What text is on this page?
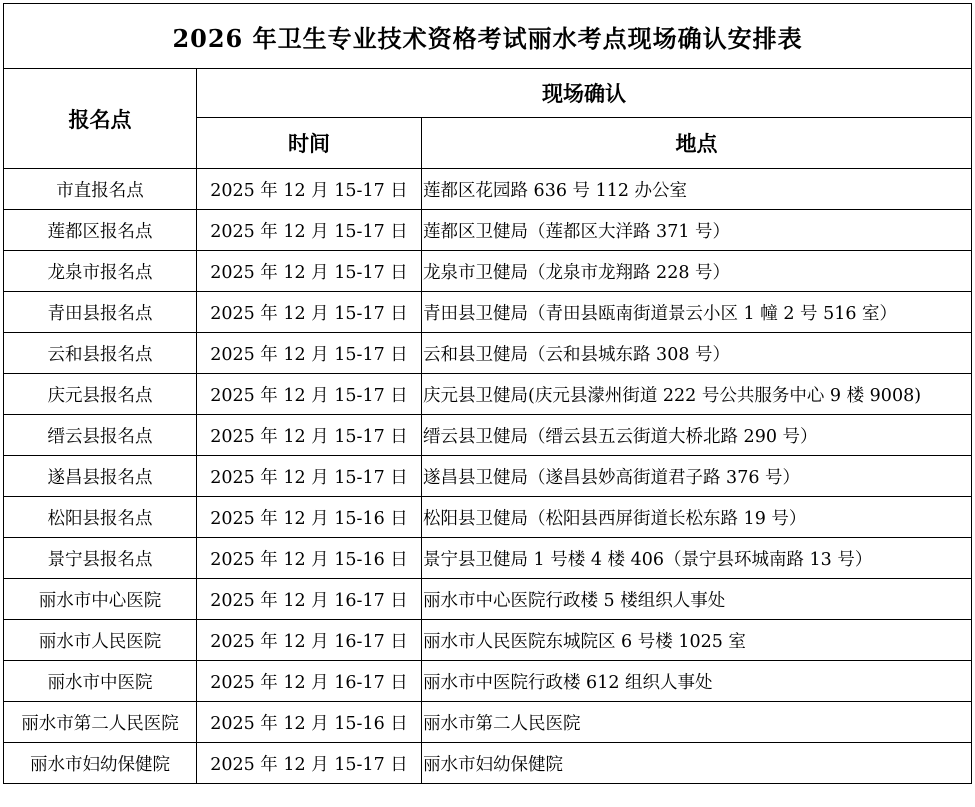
2026 年卫生专业技术资格考试丽水考点现场确认安排表		
报名点	现场确认	
	时间	地点
市直报名点	2025 年 12 月 15-17 日	莲都区花园路 636 号 112 办公室
莲都区报名点	2025 年 12 月 15-17 日	莲都区卫健局（莲都区大洋路 371 号）
龙泉市报名点	2025 年 12 月 15-17 日	龙泉市卫健局（龙泉市龙翔路 228 号）
青田县报名点	2025 年 12 月 15-17 日	青田县卫健局（青田县瓯南街道景云小区 1 幢 2 号 516 室）
云和县报名点	2025 年 12 月 15-17 日	云和县卫健局（云和县城东路 308 号）
庆元县报名点	2025 年 12 月 15-17 日	庆元县卫健局(庆元县濛州街道 222 号公共服务中心 9 楼 9008)
缙云县报名点	2025 年 12 月 15-17 日	缙云县卫健局（缙云县五云街道大桥北路 290 号）
遂昌县报名点	2025 年 12 月 15-17 日	遂昌县卫健局（遂昌县妙高街道君子路 376 号）
松阳县报名点	2025 年 12 月 15-16 日	松阳县卫健局（松阳县西屏街道长松东路 19 号）
景宁县报名点	2025 年 12 月 15-16 日	景宁县卫健局 1 号楼 4 楼 406（景宁县环城南路 13 号）
丽水市中心医院	2025 年 12 月 16-17 日	丽水市中心医院行政楼 5 楼组织人事处
丽水市人民医院	2025 年 12 月 16-17 日	丽水市人民医院东城院区 6 号楼 1025 室
丽水市中医院	2025 年 12 月 16-17 日	丽水市中医院行政楼 612 组织人事处
丽水市第二人民医院	2025 年 12 月 15-16 日	丽水市第二人民医院
丽水市妇幼保健院	2025 年 12 月 15-17 日	丽水市妇幼保健院
